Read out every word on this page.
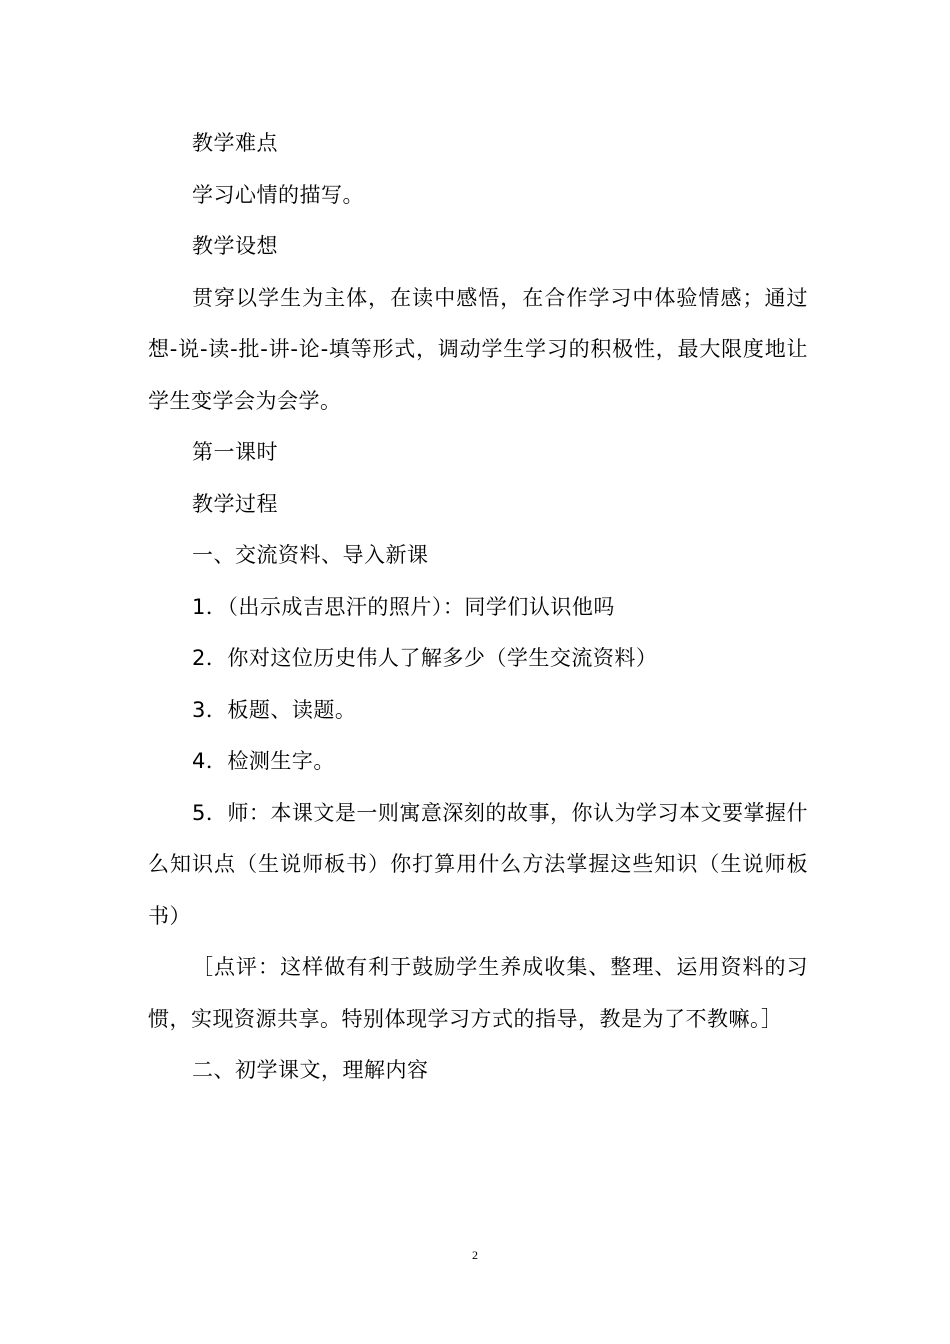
教学难点

学习心情的描写。

教学设想

贯穿以学生为主体，在读中感悟，在合作学习中体验情感；通过想-说-读-批-讲-论-填等形式，调动学生学习的积极性，最大限度地让学生变学会为会学。

第一课时

教学过程

一、交流资料、导入新课

1．（出示成吉思汗的照片）：同学们认识他吗

2．你对这位历史伟人了解多少（学生交流资料）

3．板题、读题。

4．检测生字。

5．师：本课文是一则寓意深刻的故事，你认为学习本文要掌握什么知识点（生说师板书）你打算用什么方法掌握这些知识（生说师板书）

［点评：这样做有利于鼓励学生养成收集、整理、运用资料的习惯，实现资源共享。特别体现学习方式的指导，教是为了不教嘛。］

二、初学课文，理解内容

2
